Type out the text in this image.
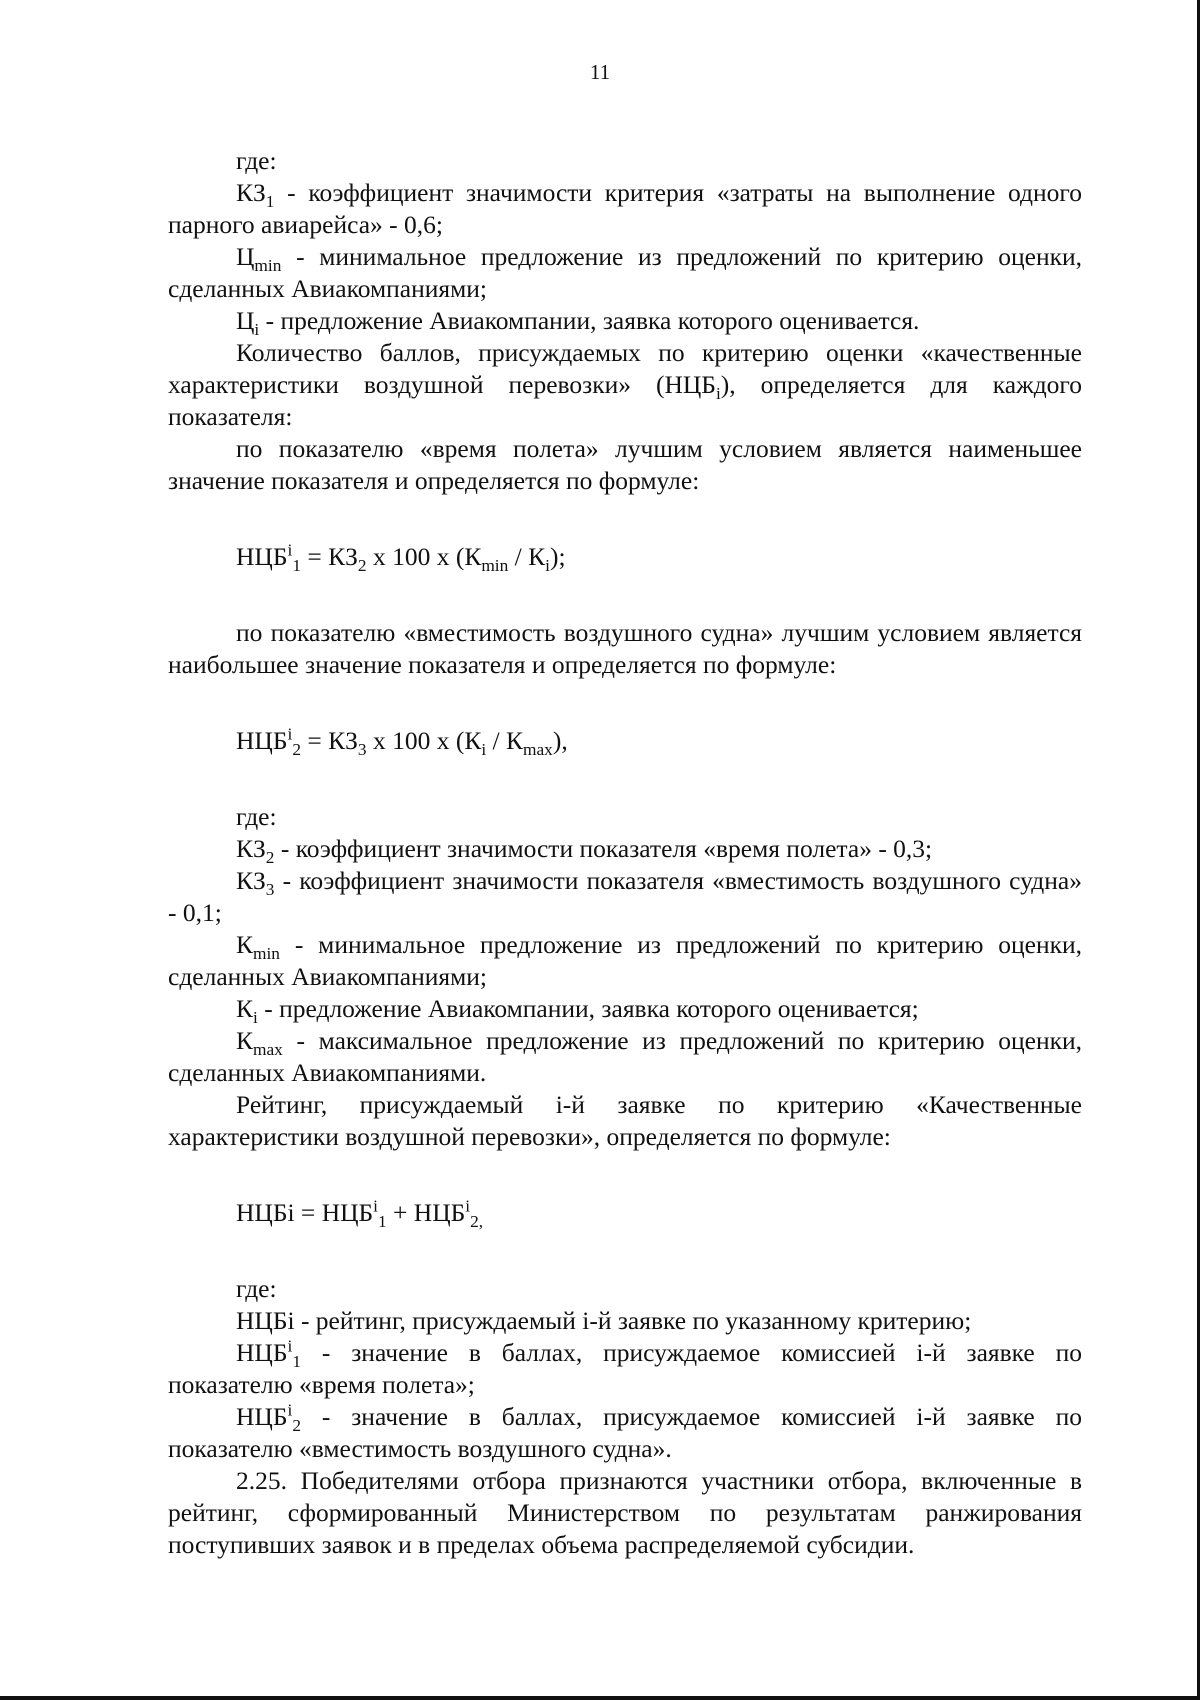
11

где:

$КЗ_1$ - коэффициент значимости критерия «затраты на выполнение одного парного авиарейса» - 0,6;

$Ц_{min}$ - минимальное предложение из предложений по критерию оценки, сделанных Авиакомпаниями;

$Ц_i$ - предложение Авиакомпании, заявка которого оценивается.

Количество баллов, присуждаемых по критерию оценки «качественные характеристики воздушной перевозки» $(НЦБ_i)$, определяется для каждого показателя:

по показателю «время полета» лучшим условием является наименьшее значение показателя и определяется по формуле:

$НЦБ^i_1 = КЗ_2$ х 100 х $(К_{min} / К_i)$;

по показателю «вместимость воздушного судна» лучшим условием является наибольшее значение показателя и определяется по формуле:

$НЦБ^i_2 = КЗ_3$ х 100 х $(К_i / К_{max})$,

где:

$КЗ_2$ - коэффициент значимости показателя «время полета» - 0,3;

$КЗ_3$ - коэффициент значимости показателя «вместимость воздушного судна» - 0,1;

$К_{min}$ - минимальное предложение из предложений по критерию оценки, сделанных Авиакомпаниями;

$К_i$ - предложение Авиакомпании, заявка которого оценивается;

$К_{max}$ - максимальное предложение из предложений по критерию оценки, сделанных Авиакомпаниями.

Рейтинг, присуждаемый i-й заявке по критерию «Качественные характеристики воздушной перевозки», определяется по формуле:

НЦБi = $НЦБ^i_1 + НЦБ^i_{2,}$

где:

НЦБi - рейтинг, присуждаемый i-й заявке по указанному критерию;

$НЦБ^i_1$ - значение в баллах, присуждаемое комиссией i-й заявке по показателю «время полета»;

$НЦБ^i_2$ - значение в баллах, присуждаемое комиссией i-й заявке по показателю «вместимость воздушного судна».

2.25. Победителями отбора признаются участники отбора, включенные в рейтинг, сформированный Министерством по результатам ранжирования поступивших заявок и в пределах объема распределяемой субсидии.
